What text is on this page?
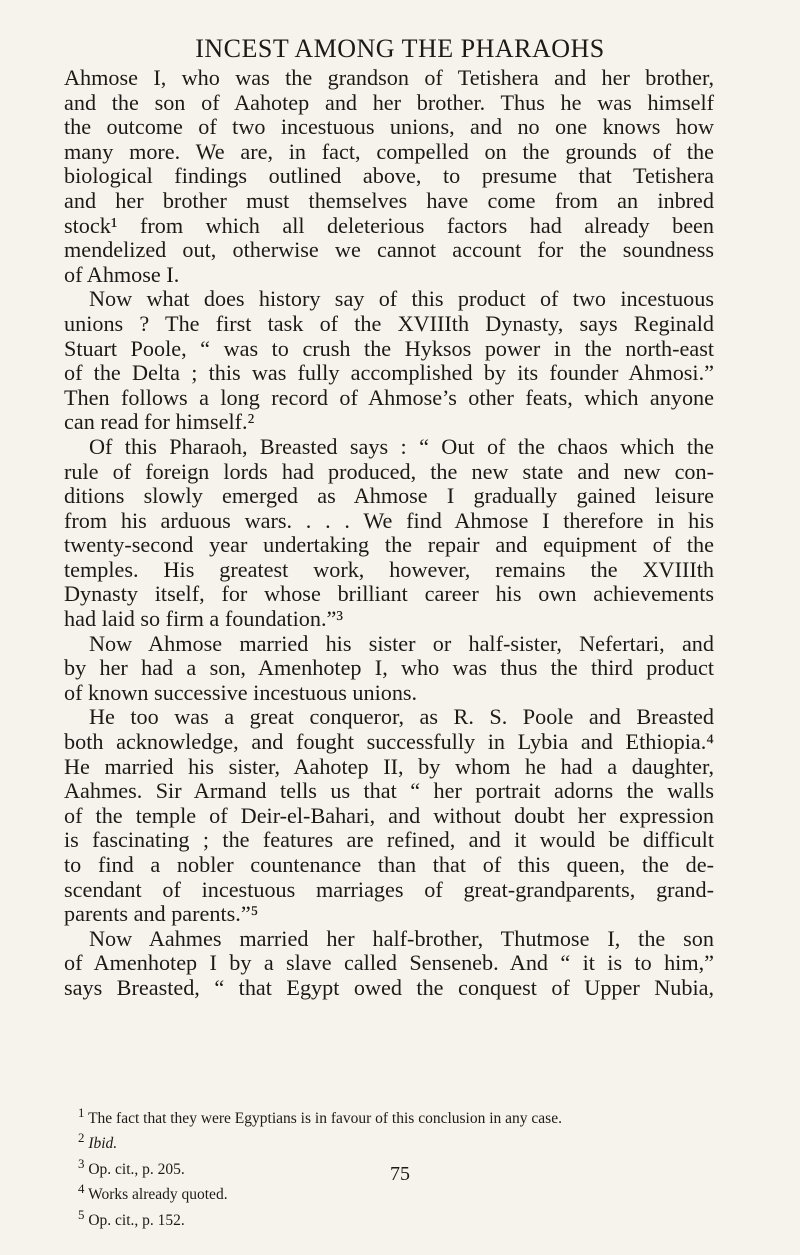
INCEST AMONG THE PHARAOHS
Ahmose I, who was the grandson of Tetishera and her brother,
and the son of Aahotep and her brother. Thus he was himself
the outcome of two incestuous unions, and no one knows how
many more. We are, in fact, compelled on the grounds of the
biological findings outlined above, to presume that Tetishera
and her brother must themselves have come from an inbred
stock¹ from which all deleterious factors had already been
mendelized out, otherwise we cannot account for the soundness
of Ahmose I.
Now what does history say of this product of two incestuous
unions ? The first task of the XVIIIth Dynasty, says Reginald
Stuart Poole, “ was to crush the Hyksos power in the north-east
of the Delta ; this was fully accomplished by its founder Ahmosi.”
Then follows a long record of Ahmose’s other feats, which anyone
can read for himself.²
Of this Pharaoh, Breasted says : “ Out of the chaos which the
rule of foreign lords had produced, the new state and new con-
ditions slowly emerged as Ahmose I gradually gained leisure
from his arduous wars. . . . We find Ahmose I therefore in his
twenty-second year undertaking the repair and equipment of the
temples. His greatest work, however, remains the XVIIIth
Dynasty itself, for whose brilliant career his own achievements
had laid so firm a foundation.”³
Now Ahmose married his sister or half-sister, Nefertari, and
by her had a son, Amenhotep I, who was thus the third product
of known successive incestuous unions.
He too was a great conqueror, as R. S. Poole and Breasted
both acknowledge, and fought successfully in Lybia and Ethiopia.⁴
He married his sister, Aahotep II, by whom he had a daughter,
Aahmes. Sir Armand tells us that “ her portrait adorns the walls
of the temple of Deir-el-Bahari, and without doubt her expression
is fascinating ; the features are refined, and it would be difficult
to find a nobler countenance than that of this queen, the de-
scendant of incestuous marriages of great-grandparents, grand-
parents and parents.”⁵
Now Aahmes married her half-brother, Thutmose I, the son
of Amenhotep I by a slave called Senseneb. And “ it is to him,”
says Breasted, “ that Egypt owed the conquest of Upper Nubia,
$^1$ The fact that they were Egyptians is in favour of this conclusion in any case.
$^2$ Ibid.
$^3$ Op. cit., p. 205.
$^4$ Works already quoted.
$^5$ Op. cit., p. 152.
75
